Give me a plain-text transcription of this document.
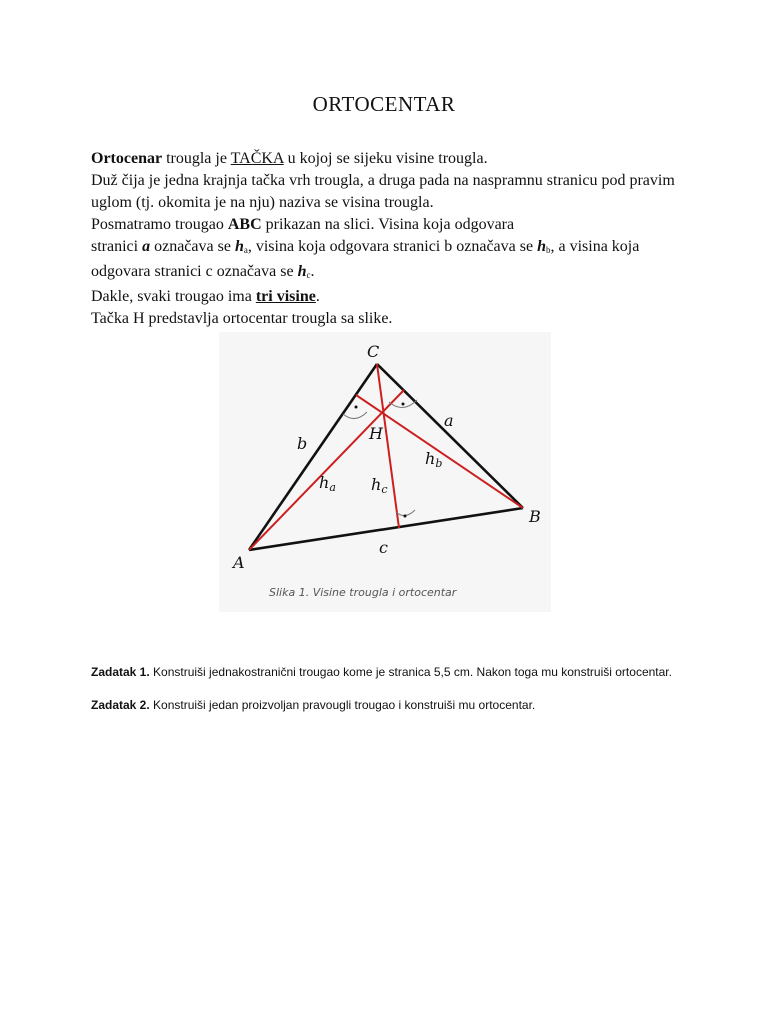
ORTOCENTAR

Ortocenar trougla je TAČKA u kojoj se sijeku visine trougla.

Duž čija je jedna krajnja tačka vrh trougla, a druga pada na naspramnu stranicu pod pravim uglom (tj. okomita je na nju) naziva se visina trougla.

Posmatramo trougao ABC prikazan na slici. Visina koja odgovara
stranici a označava se $h_a$, visina koja odgovara stranici b označava se $h_b$, a visina koja odgovara stranici c označava se $h_c$.

Dakle, svaki trougao ima tri visine.

Tačka H predstavlja ortocentar trougla sa slike.

C
A
B
H
a
b
c
ha
hb
hc
Slika 1. Visine trougla i ortocentar

Zadatak 1. Konstruiši jednakostranični trougao kome je stranica 5,5 cm. Nakon toga mu konstruiši ortocentar.

Zadatak 2. Konstruiši jedan proizvoljan pravougli trougao i konstruiši mu ortocentar.
